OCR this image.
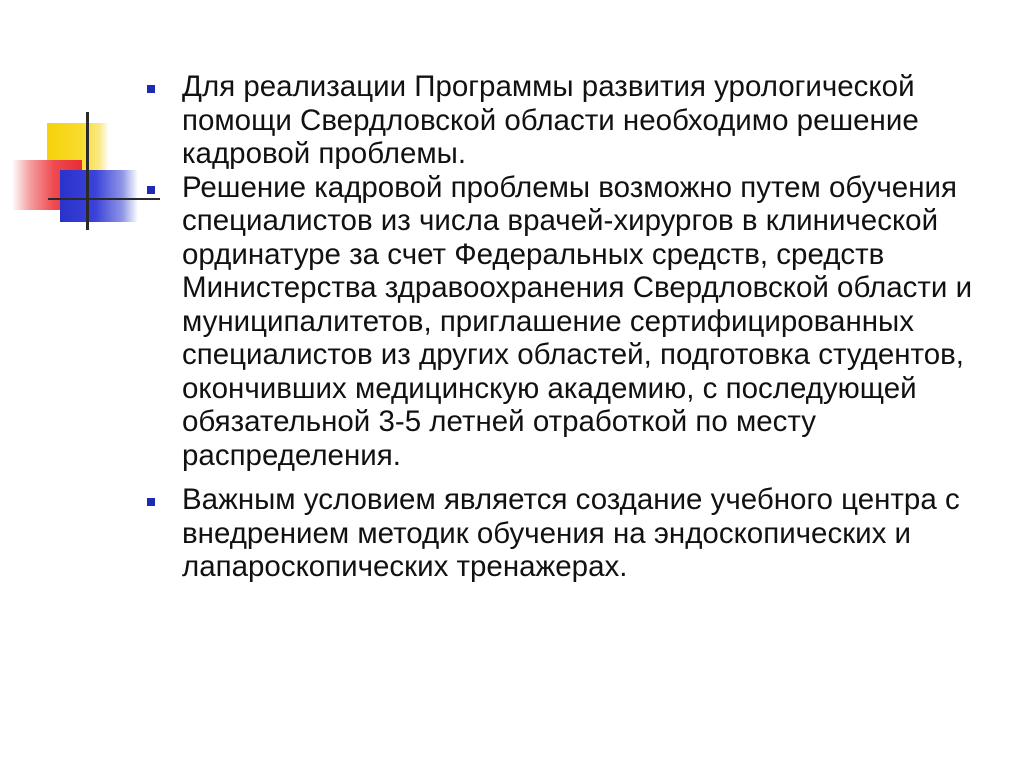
Для реализации Программы развития урологической помощи Свердловской области необходимо решение кадровой проблемы.
Решение кадровой проблемы возможно путем обучения специалистов из числа врачей-хирургов в клинической ординатуре за счет Федеральных средств, средств Министерства здравоохранения Свердловской области и муниципалитетов, приглашение сертифицированных специалистов из других областей, подготовка студентов, окончивших медицинскую академию, с последующей обязательной 3-5 летней отработкой по месту распределения.
Важным условием является создание учебного центра с внедрением методик обучения на эндоскопических и лапароскопических тренажерах.
